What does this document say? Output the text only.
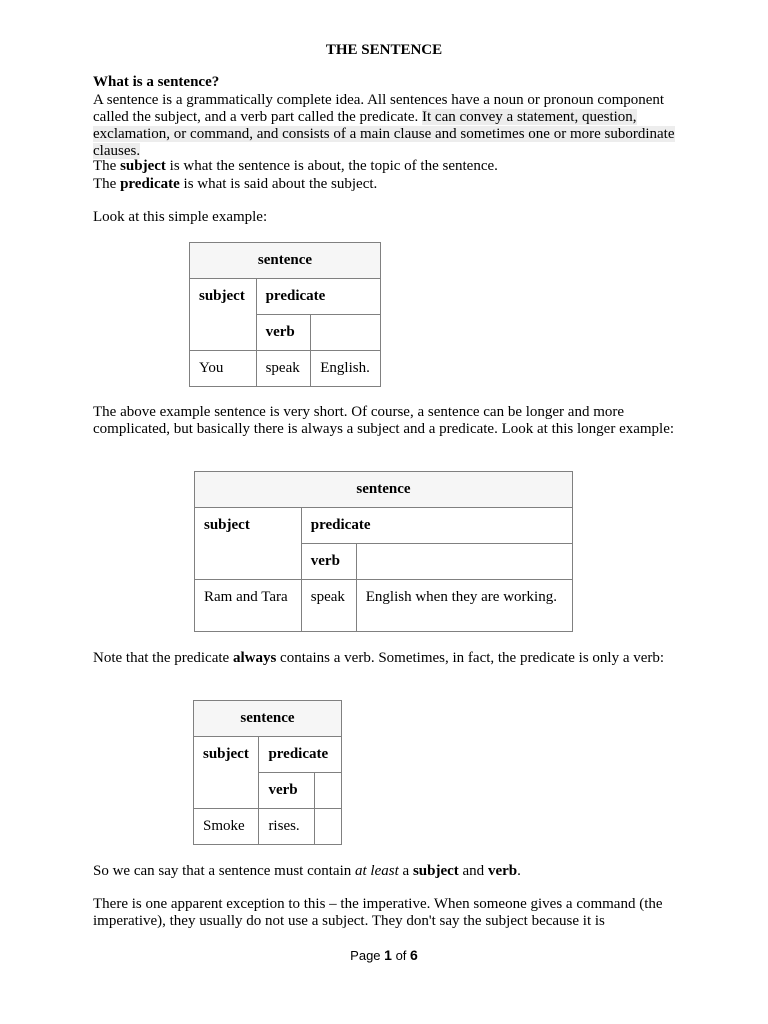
THE SENTENCE
What is a sentence?
A sentence is a grammatically complete idea. All sentences have a noun or pronoun component called the subject, and a verb part called the predicate. It can convey a statement, question, exclamation, or command, and consists of a main clause and sometimes one or more subordinate clauses.
The subject is what the sentence is about, the topic of the sentence.
The predicate is what is said about the subject.
Look at this simple example:
sentence		
subject	predicate	
	verb	
You	speak	English.
The above example sentence is very short. Of course, a sentence can be longer and more complicated, but basically there is always a subject and a predicate. Look at this longer example:
sentence		
subject	predicate	
	verb	
Ram and Tara	speak	English when they are working.
Note that the predicate always contains a verb. Sometimes, in fact, the predicate is only a verb:
sentence		
subject	predicate	
	verb	
Smoke	rises.	
So we can say that a sentence must contain at least a subject and verb.
There is one apparent exception to this – the imperative. When someone gives a command (the imperative), they usually do not use a subject. They don't say the subject because it is
Page 1 of 6
